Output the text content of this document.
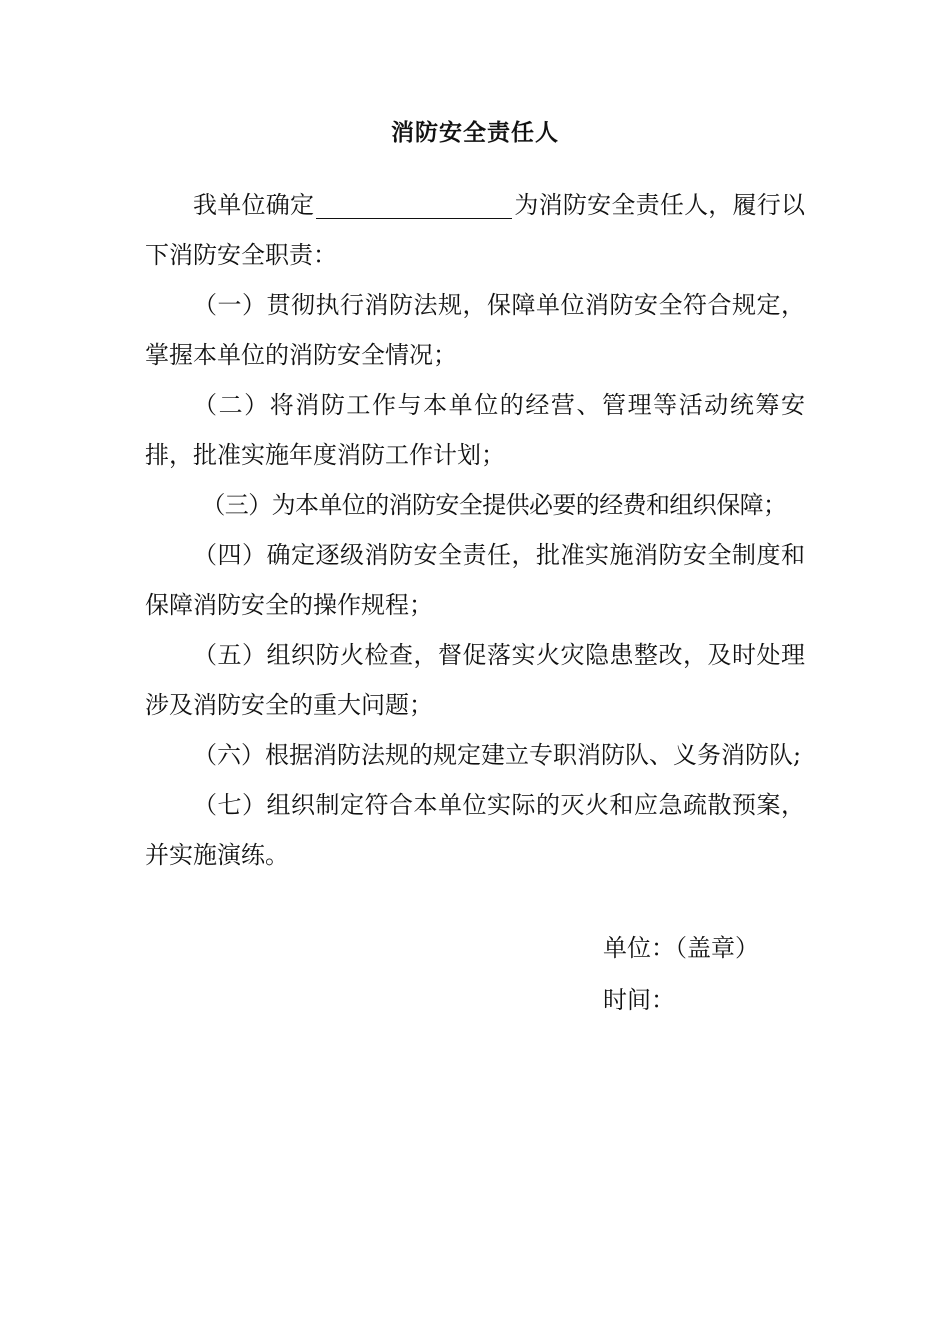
消防安全责任人

我单位确定	为消防安全责任人，履行以下消防安全职责：

（一）贯彻执行消防法规，保障单位消防安全符合规定，掌握本单位的消防安全情况；

（二）将消防工作与本单位的经营、管理等活动统筹安排，批准实施年度消防工作计划；

（三）为本单位的消防安全提供必要的经费和组织保障；

（四）确定逐级消防安全责任，批准实施消防安全制度和保障消防安全的操作规程；

（五）组织防火检查，督促落实火灾隐患整改，及时处理涉及消防安全的重大问题；

（六）根据消防法规的规定建立专职消防队、义务消防队;

（七）组织制定符合本单位实际的灭火和应急疏散预案，并实施演练。

单位：（盖章）
时间：
